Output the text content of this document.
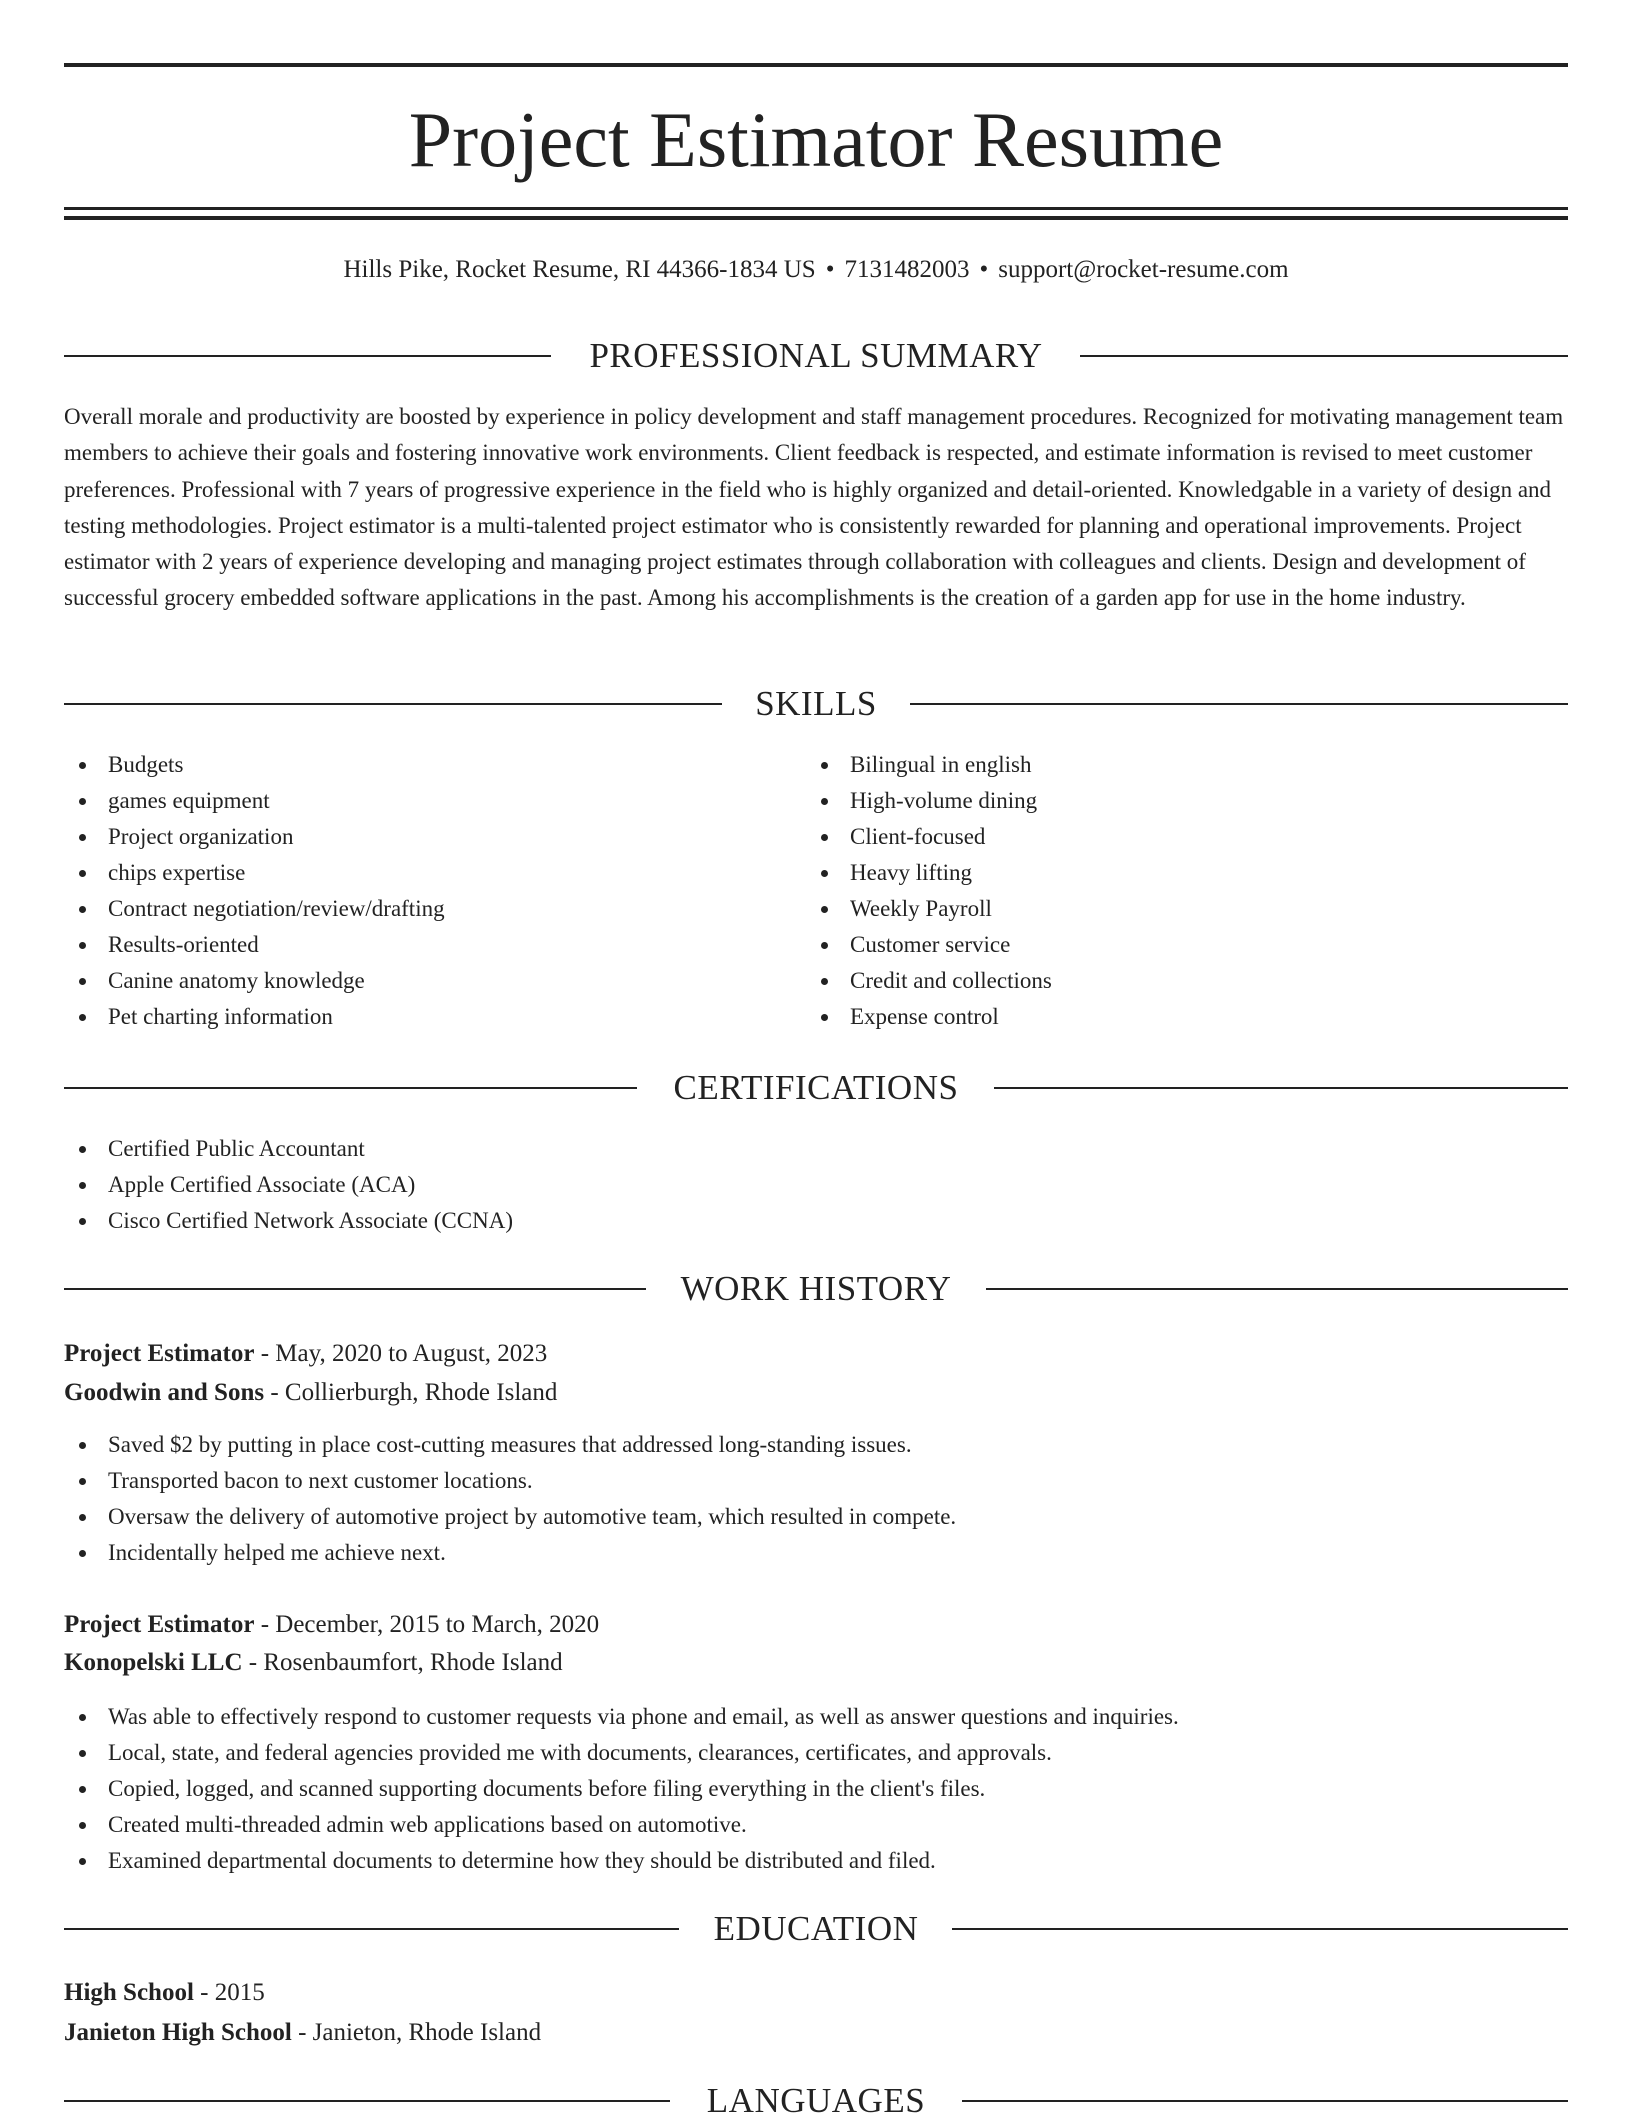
Project Estimator Resume
Hills Pike, Rocket Resume, RI 44366-1834 US • 7131482003 • support@rocket-resume.com
PROFESSIONAL SUMMARY

Overall morale and productivity are boosted by experience in policy development and staff management procedures. Recognized for motivating management team members to achieve their goals and fostering innovative work environments. Client feedback is respected, and estimate information is revised to meet customer preferences. Professional with 7 years of progressive experience in the field who is highly organized and detail-oriented. Knowledgable in a variety of design and testing methodologies. Project estimator is a multi-talented project estimator who is consistently rewarded for planning and operational improvements. Project estimator with 2 years of experience developing and managing project estimates through collaboration with colleagues and clients. Design and development of successful grocery embedded software applications in the past. Among his accomplishments is the creation of a garden app for use in the home industry.

SKILLS
Budgets
games equipment
Project organization
chips expertise
Contract negotiation/review/drafting
Results-oriented
Canine anatomy knowledge
Pet charting information
Bilingual in english
High-volume dining
Client-focused
Heavy lifting
Weekly Payroll
Customer service
Credit and collections
Expense control
CERTIFICATIONS
Certified Public Accountant
Apple Certified Associate (ACA)
Cisco Certified Network Associate (CCNA)
WORK HISTORY
Project Estimator - May, 2020 to August, 2023
Goodwin and Sons - Collierburgh, Rhode Island
Saved $2 by putting in place cost-cutting measures that addressed long-standing issues.
Transported bacon to next customer locations.
Oversaw the delivery of automotive project by automotive team, which resulted in compete.
Incidentally helped me achieve next.
Project Estimator - December, 2015 to March, 2020
Konopelski LLC - Rosenbaumfort, Rhode Island
Was able to effectively respond to customer requests via phone and email, as well as answer questions and inquiries.
Local, state, and federal agencies provided me with documents, clearances, certificates, and approvals.
Copied, logged, and scanned supporting documents before filing everything in the client's files.
Created multi-threaded admin web applications based on automotive.
Examined departmental documents to determine how they should be distributed and filed.
EDUCATION
High School - 2015
Janieton High School - Janieton, Rhode Island
LANGUAGES
